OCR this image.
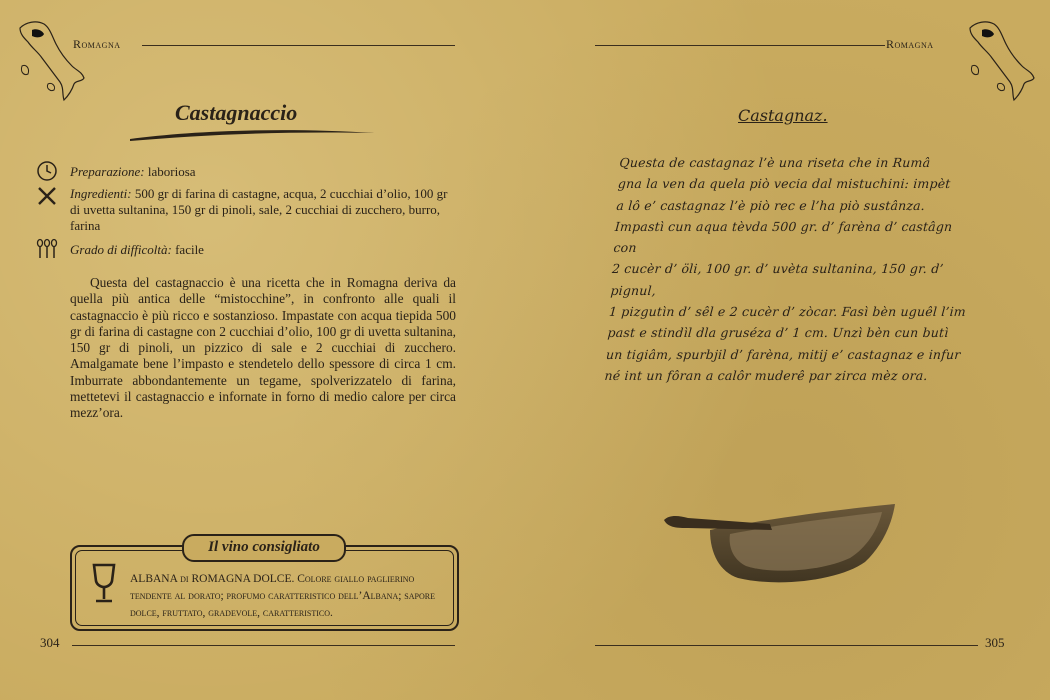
Romagna
Castagnaccio
Preparazione: laboriosa
Ingredienti: 500 gr di farina di castagne, acqua, 2 cucchiai d’olio, 100 gr di uvetta sultanina, 150 gr di pinoli, sale, 2 cucchiai di zucchero, burro, farina
Grado di difficoltà: facile
Questa del castagnaccio è una ricetta che in Romagna deriva da quella più antica delle “mistocchine”, in confronto alle quali il castagnaccio è più ricco e sostanzioso. Impastate con acqua tiepida 500 gr di farina di castagne con 2 cucchiai d’olio, 100 gr di uvetta sultanina, 150 gr di pinoli, un pizzico di sale e 2 cucchiai di zucchero. Amalgamate bene l’impasto e stendetelo dello spessore di circa 1 cm. Imburrate abbondantemente un tegame, spolverizzatelo di farina, mettetevi il castagnaccio e infornate in forno di medio calore per circa mezz’ora.
Il vino consigliato
ALBANA di ROMAGNA DOLCE. Colore giallo paglierino tendente al dorato; profumo caratteristico dell’Albana; sapore dolce, fruttato, gradevole, caratteristico.
304
Romagna
Castagnaz.
Questa de castagnaz l’è una riseta che in Rumâ
gna la ven da quela piò vecia dal mistuchini: impèt
a lô e’ castagnaz l’è piò rec e l’ha piò sustânza.
Impastì cun aqua tèvda 500 gr. d’ farèna d’ castâgn con
2 cucèr d’ öli, 100 gr. d’ uvèta sultanina, 150 gr. d’ pignul,
1 pizgutìn d’ sêl e 2 cucèr d’ zòcar. Fasì bèn uguêl l’im
past e stindìl dla gruséza d’ 1 cm. Unzì bèn cun butì
un tigiâm, spurbjil d’ farèna, mitij e’ castagnaz e infur
né int un fôran a calôr muderê par zirca mèz ora.
305
